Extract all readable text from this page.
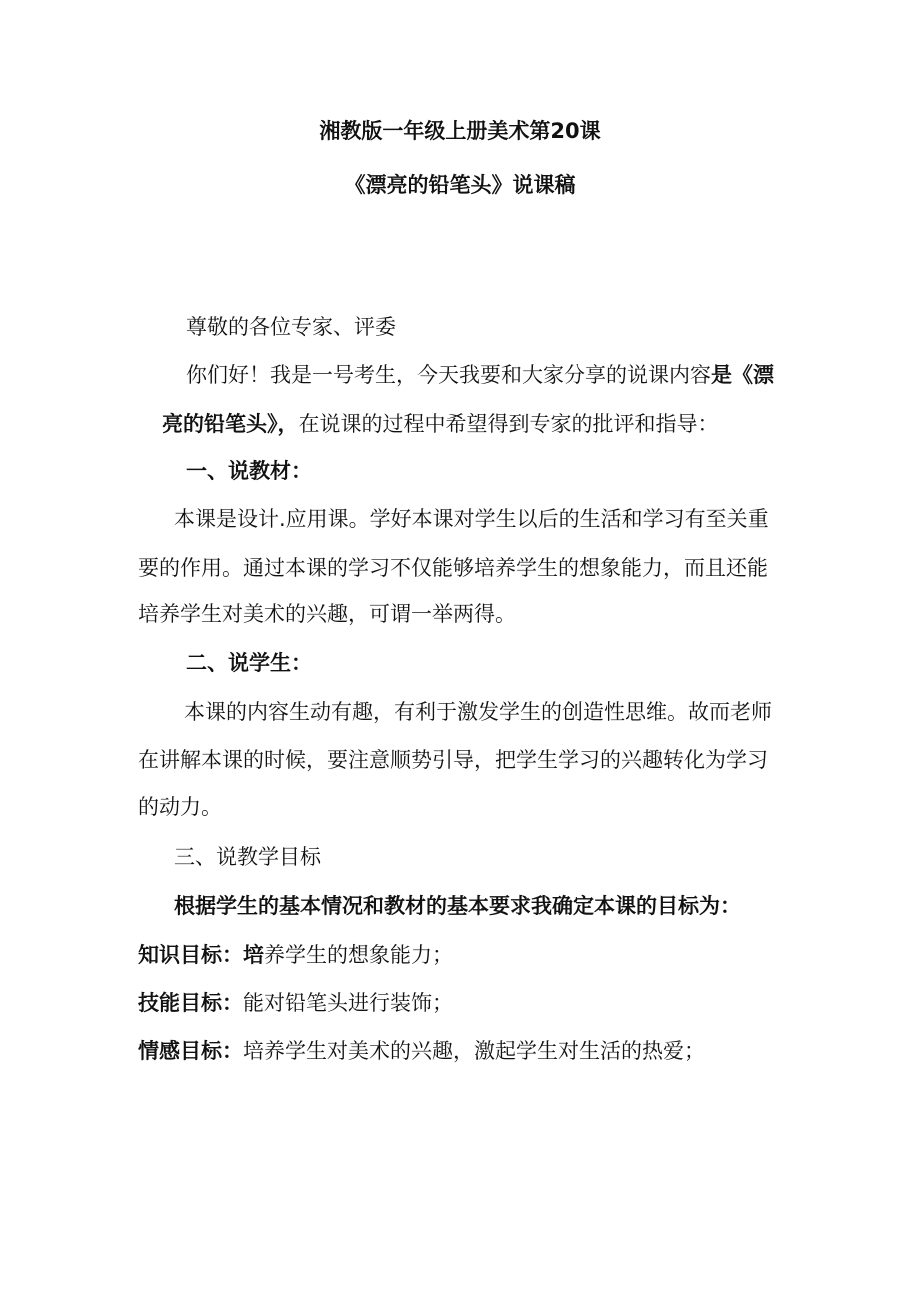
湘教版一年级上册美术第20课
《漂亮的铅笔头》说课稿
尊敬的各位专家、评委
你们好！我是一号考生，今天我要和大家分享的说课内容是《漂
亮的铅笔头》，在说课的过程中希望得到专家的批评和指导：
一、说教材：
本课是设计.应用课。学好本课对学生以后的生活和学习有至关重
要的作用。通过本课的学习不仅能够培养学生的想象能力，而且还能
培养学生对美术的兴趣，可谓一举两得。
二、说学生：
本课的内容生动有趣，有利于激发学生的创造性思维。故而老师
在讲解本课的时候，要注意顺势引导，把学生学习的兴趣转化为学习
的动力。
三、说教学目标
根据学生的基本情况和教材的基本要求我确定本课的目标为：
知识目标：培养学生的想象能力；
技能目标：能对铅笔头进行装饰；
情感目标：培养学生对美术的兴趣，激起学生对生活的热爱；
